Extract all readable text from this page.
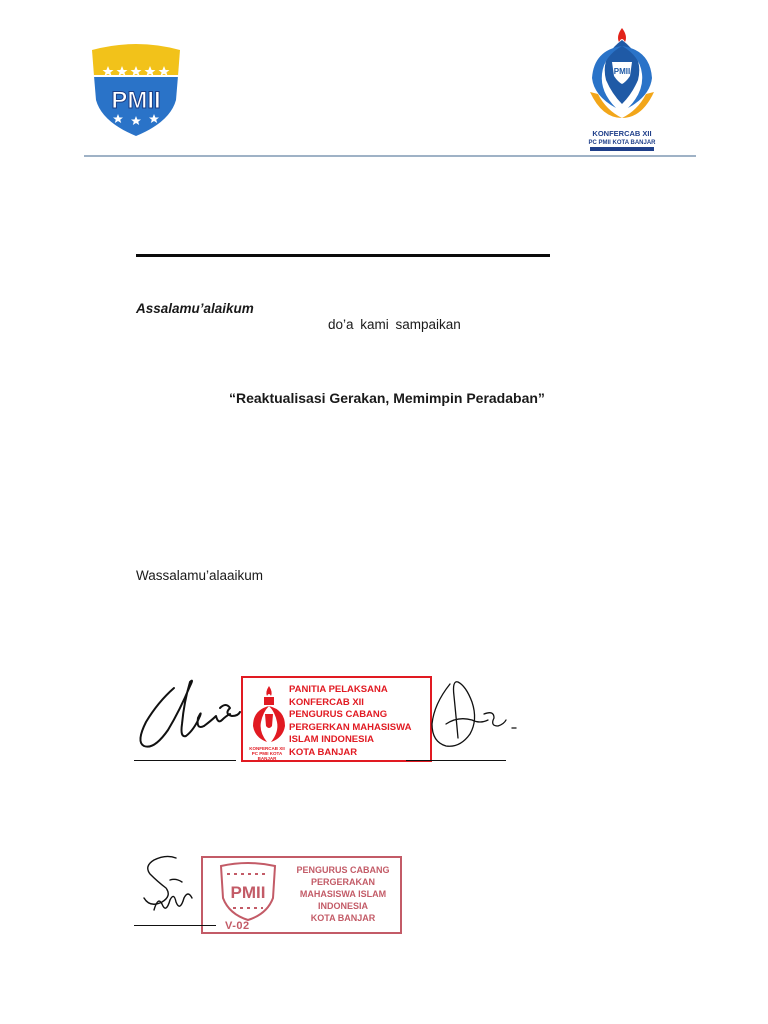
PMII
PMII
KONFERCAB XII
PC PMII KOTA BANJAR
Assalamu’alaikum
do’a kami sampaikan
“Reaktualisasi Gerakan, Memimpin Peradaban”
Wassalamu’alaaikum
KONFERCAB XII PC PMII KOTA BANJAR
PANITIA PELAKSANA
KONFERCAB XII
PENGURUS CABANG
PERGERKAN MAHASISWA
ISLAM INDONESIA
KOTA BANJAR
PMII
V-02
PENGURUS CABANG
PERGERAKAN
MAHASISWA ISLAM
INDONESIA
KOTA BANJAR
